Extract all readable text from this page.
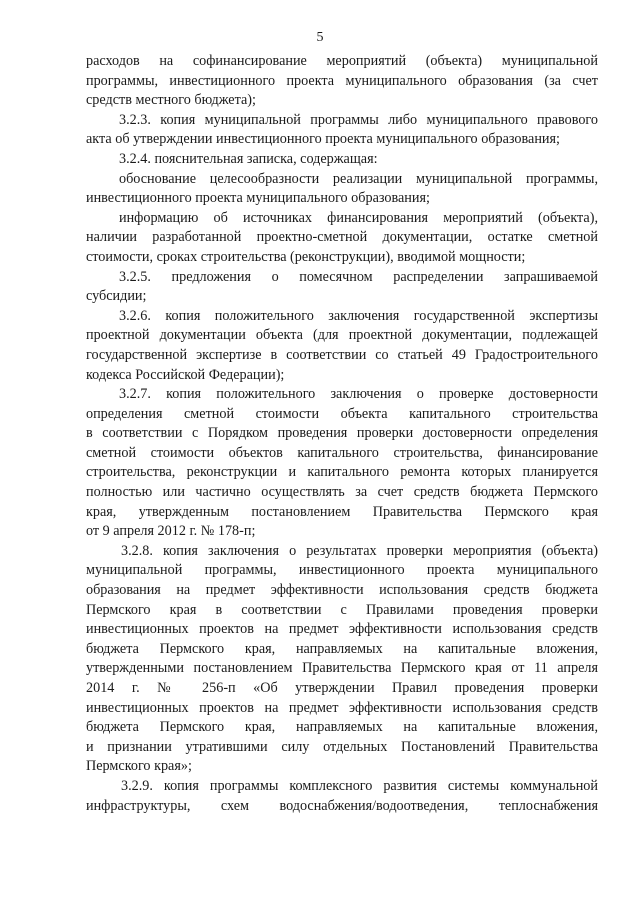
5
расходов на софинансирование мероприятий (объекта) муниципальной
программы, инвестиционного проекта муниципального образования (за счет
средств местного бюджета);
3.2.3. копия муниципальной программы либо муниципального правового
акта об утверждении инвестиционного проекта муниципального образования;
3.2.4. пояснительная записка, содержащая:
обоснование целесообразности реализации муниципальной программы,
инвестиционного проекта муниципального образования;
информацию об источниках финансирования мероприятий (объекта),
наличии разработанной проектно-сметной документации, остатке сметной
стоимости, сроках строительства (реконструкции), вводимой мощности;
3.2.5. предложения о помесячном распределении запрашиваемой
субсидии;
3.2.6. копия положительного заключения государственной экспертизы
проектной документации объекта (для проектной документации, подлежащей
государственной экспертизе в соответствии со статьей 49 Градостроительного
кодекса Российской Федерации);
3.2.7. копия положительного заключения о проверке достоверности
определения сметной стоимости объекта капитального строительства
в соответствии с Порядком проведения проверки достоверности определения
сметной стоимости объектов капитального строительства, финансирование
строительства, реконструкции и капитального ремонта которых планируется
полностью или частично осуществлять за счет средств бюджета Пермского
края, утвержденным постановлением Правительства Пермского края
от 9 апреля 2012 г. № 178-п;
3.2.8. копия заключения о результатах проверки мероприятия (объекта)
муниципальной программы, инвестиционного проекта муниципального
образования на предмет эффективности использования средств бюджета
Пермского края в соответствии с Правилами проведения проверки
инвестиционных проектов на предмет эффективности использования средств
бюджета Пермского края, направляемых на капитальные вложения,
утвержденными постановлением Правительства Пермского края от 11 апреля
2014 г. № 256-п «Об утверждении Правил проведения проверки
инвестиционных проектов на предмет эффективности использования средств
бюджета Пермского края, направляемых на капитальные вложения,
и признании утратившими силу отдельных Постановлений Правительства
Пермского края»;
3.2.9. копия программы комплексного развития системы коммунальной
инфраструктуры, схем водоснабжения/водоотведения, теплоснабжения
